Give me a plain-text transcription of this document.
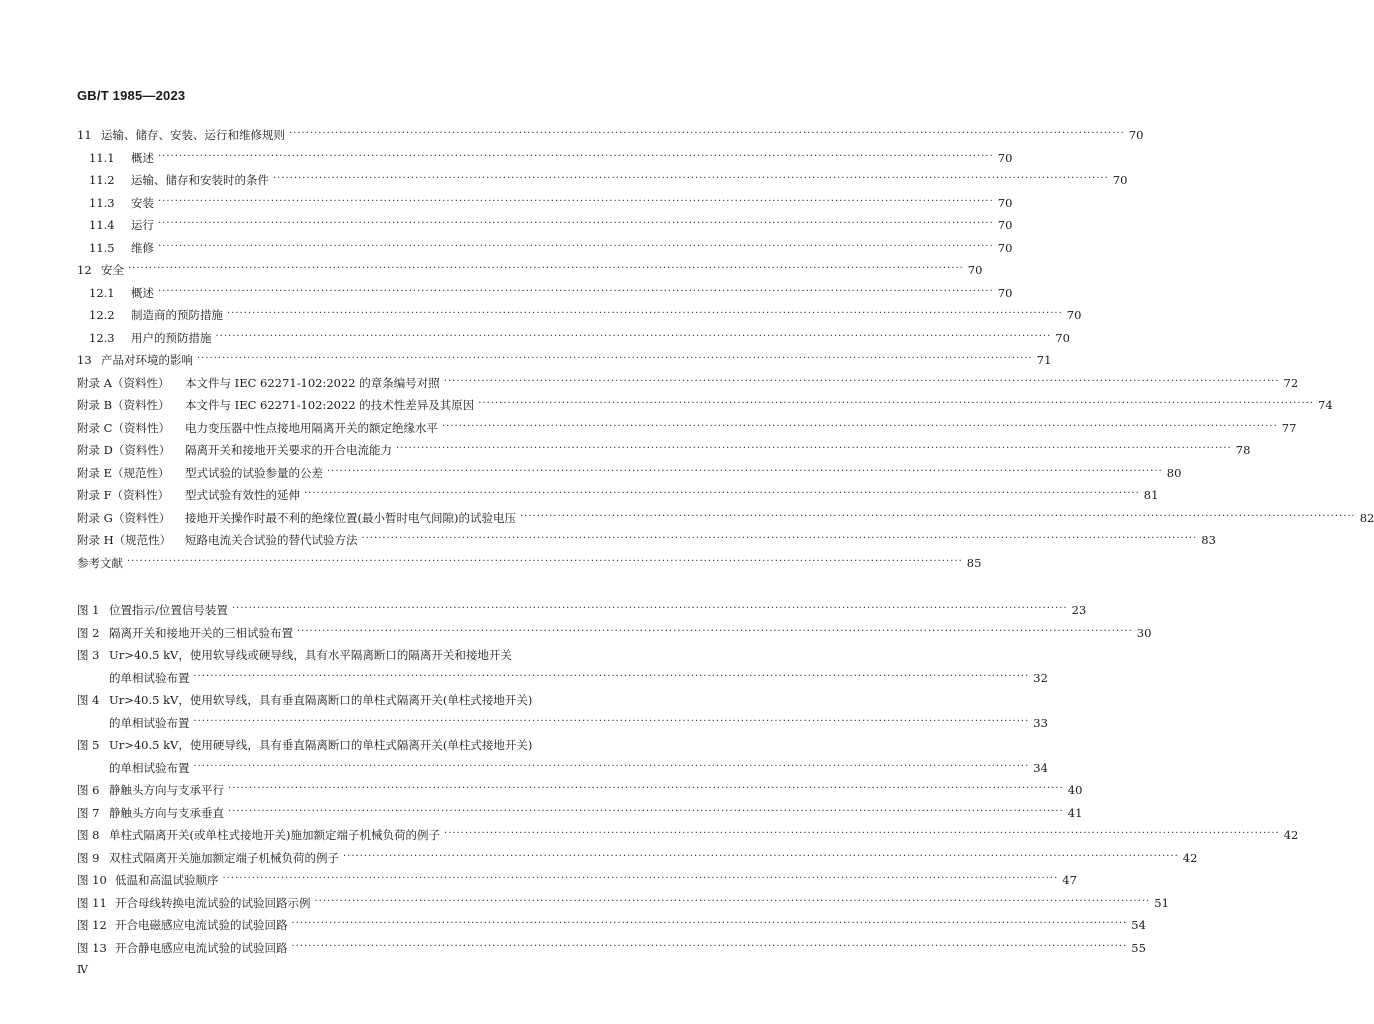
GB/T 1985—2023
11 运输、储存、安装、运行和维修规则 ········································································································································································································ 70
11.1	概述 ········································································································································································································ 70
11.2	运输、储存和安装时的条件 ········································································································································································································ 70
11.3	安装 ········································································································································································································ 70
11.4	运行 ········································································································································································································ 70
11.5	维修 ········································································································································································································ 70
12 安全 ········································································································································································································ 70
12.1	概述 ········································································································································································································ 70
12.2	制造商的预防措施 ········································································································································································································ 70
12.3	用户的预防措施 ········································································································································································································ 70
13 产品对环境的影响 ········································································································································································································ 71
附录 A（资料性）	本文件与 IEC 62271-102:2022 的章条编号对照 ········································································································································································································ 72
附录 B（资料性）	本文件与 IEC 62271-102:2022 的技术性差异及其原因 ········································································································································································································ 74
附录 C（资料性）	电力变压器中性点接地用隔离开关的额定绝缘水平 ········································································································································································································ 77
附录 D（资料性）	隔离开关和接地开关要求的开合电流能力 ········································································································································································································ 78
附录 E（规范性）	型式试验的试验参量的公差 ········································································································································································································ 80
附录 F（资料性）	型式试验有效性的延伸 ········································································································································································································ 81
附录 G（资料性）	接地开关操作时最不利的绝缘位置(最小暂时电气间隙)的试验电压 ········································································································································································································ 82
附录 H（规范性）	短路电流关合试验的替代试验方法 ········································································································································································································ 83
参考文献 ········································································································································································································ 85
图 1 位置指示/位置信号装置 ········································································································································································································ 23
图 2 隔离开关和接地开关的三相试验布置 ········································································································································································································ 30
图 3 Ur>40.5 kV，使用软导线或硬导线，具有水平隔离断口的隔离开关和接地开关
的单相试验布置 ········································································································································································································ 32
图 4 Ur>40.5 kV，使用软导线，具有垂直隔离断口的单柱式隔离开关(单柱式接地开关)
的单相试验布置 ········································································································································································································ 33
图 5 Ur>40.5 kV，使用硬导线，具有垂直隔离断口的单柱式隔离开关(单柱式接地开关)
的单相试验布置 ········································································································································································································ 34
图 6 静触头方向与支承平行 ········································································································································································································ 40
图 7 静触头方向与支承垂直 ········································································································································································································ 41
图 8 单柱式隔离开关(或单柱式接地开关)施加额定端子机械负荷的例子 ········································································································································································································ 42
图 9 双柱式隔离开关施加额定端子机械负荷的例子 ········································································································································································································ 42
图 10 低温和高温试验顺序 ········································································································································································································ 47
图 11 开合母线转换电流试验的试验回路示例 ········································································································································································································ 51
图 12 开合电磁感应电流试验的试验回路 ········································································································································································································ 54
图 13 开合静电感应电流试验的试验回路 ········································································································································································································ 55
Ⅳ
